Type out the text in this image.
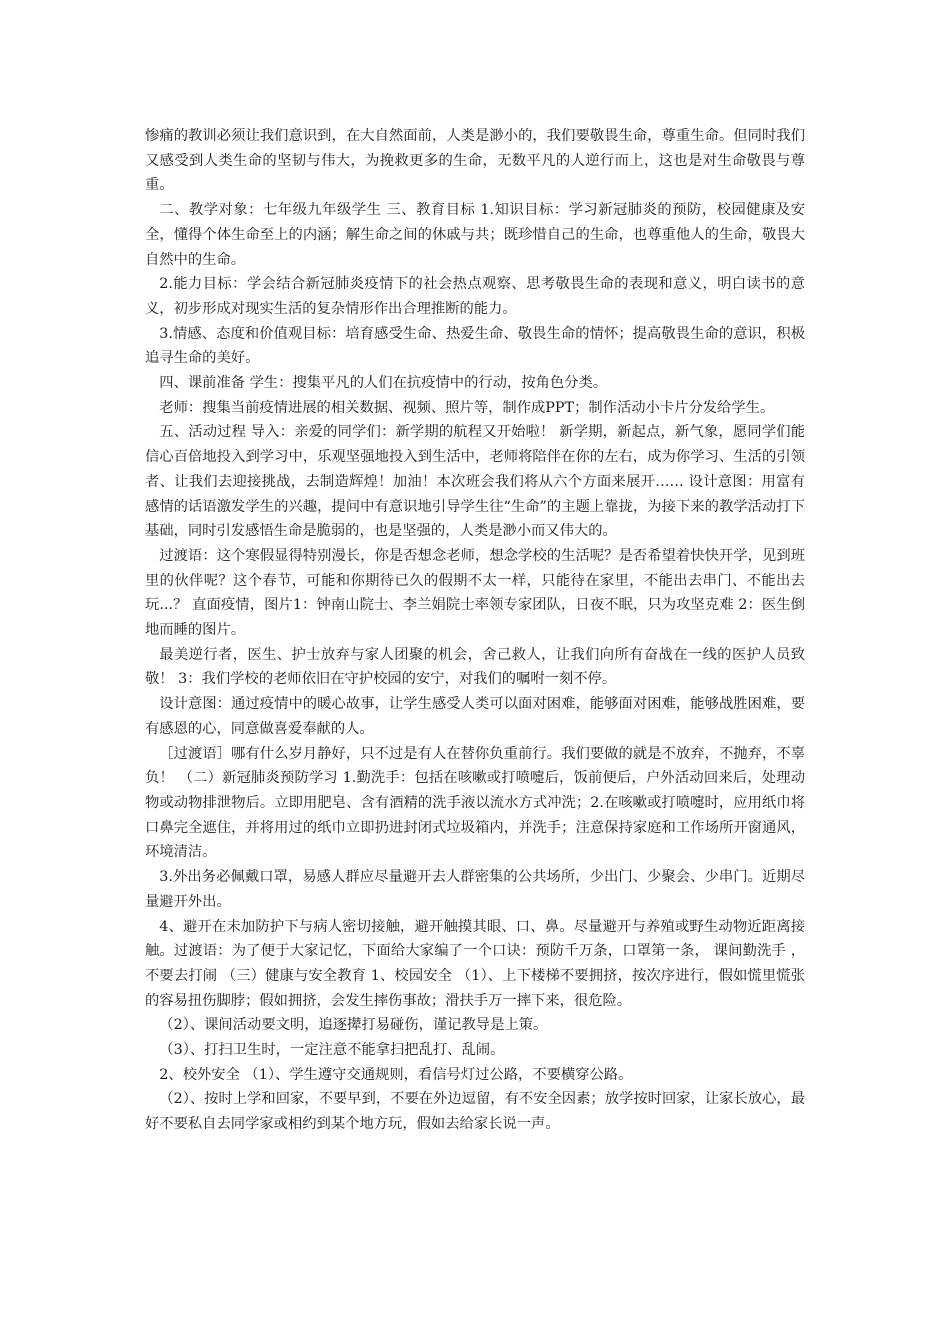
惨痛的教训必须让我们意识到，在大自然面前，人类是渺小的，我们要敬畏生命，尊重生命。但同时我们又感受到人类生命的坚韧与伟大，为挽救更多的生命，无数平凡的人逆行而上，这也是对生命敬畏与尊重。

二、教学对象：七年级九年级学生 三、教育目标 1.知识目标：学习新冠肺炎的预防，校园健康及安全，懂得个体生命至上的内涵；解生命之间的休戚与共；既珍惜自己的生命，也尊重他人的生命，敬畏大自然中的生命。

2.能力目标：学会结合新冠肺炎疫情下的社会热点观察、思考敬畏生命的表现和意义，明白读书的意义，初步形成对现实生活的复杂情形作出合理推断的能力。

3.情感、态度和价值观目标：培育感受生命、热爱生命、敬畏生命的情怀；提高敬畏生命的意识，积极追寻生命的美好。

四、课前准备 学生：搜集平凡的人们在抗疫情中的行动，按角色分类。

老师：搜集当前疫情进展的相关数据、视频、照片等，制作成PPT；制作活动小卡片分发给学生。

五、活动过程 导入：亲爱的同学们：新学期的航程又开始啦！ 新学期，新起点，新气象，愿同学们能信心百倍地投入到学习中，乐观坚强地投入到生活中，老师将陪伴在你的左右，成为你学习、生活的引领者、让我们去迎接挑战，去制造辉煌！加油！本次班会我们将从六个方面来展开…… 设计意图：用富有感情的话语激发学生的兴趣，提问中有意识地引导学生往“生命”的主题上靠拢，为接下来的教学活动打下基础，同时引发感悟生命是脆弱的，也是坚强的，人类是渺小而又伟大的。

过渡语：这个寒假显得特别漫长，你是否想念老师，想念学校的生活呢？是否希望着快快开学，见到班里的伙伴呢？这个春节，可能和你期待已久的假期不太一样，只能待在家里，不能出去串门、不能出去玩...？ 直面疫情，图片1：钟南山院士、李兰娟院士率领专家团队，日夜不眠，只为攻坚克难 2：医生倒地而睡的图片。

最美逆行者，医生、护士放弃与家人团聚的机会，舍己救人，让我们向所有奋战在一线的医护人员致敬！ 3：我们学校的老师依旧在守护校园的安宁，对我们的嘱咐一刻不停。

设计意图：通过疫情中的暖心故事，让学生感受人类可以面对困难，能够面对困难，能够战胜困难，要有感恩的心，同意做喜爱奉献的人。

［过渡语］哪有什么岁月静好，只不过是有人在替你负重前行。我们要做的就是不放弃，不抛弃，不辜负！ （二）新冠肺炎预防学习 1.勤洗手：包括在咳嗽或打喷嚏后，饭前便后，户外活动回来后，处理动物或动物排泄物后。立即用肥皂、含有酒精的洗手液以流水方式冲洗；2.在咳嗽或打喷嚏时，应用纸巾将口鼻完全遮住，并将用过的纸巾立即扔进封闭式垃圾箱内，并洗手；注意保持家庭和工作场所开窗通风，环境清洁。

3.外出务必佩戴口罩，易感人群应尽量避开去人群密集的公共场所，少出门、少聚会、少串门。近期尽量避开外出。

4、避开在未加防护下与病人密切接触，避开触摸其眼、口、鼻。尽量避开与养殖或野生动物近距离接触。过渡语：为了便于大家记忆，下面给大家编了一个口诀：预防千万条，口罩第一条， 课间勤洗手 ，不要去打闹 （三）健康与安全教育 1、校园安全 （1）、上下楼梯不要拥挤，按次序进行，假如慌里慌张的容易扭伤脚脖；假如拥挤，会发生摔伤事故；滑扶手万一摔下来，很危险。

（2）、课间活动要文明，追逐撵打易碰伤，谨记教导是上策。

（3）、打扫卫生时，一定注意不能拿扫把乱打、乱闹。

2、校外安全 （1）、学生遵守交通规则，看信号灯过公路，不要横穿公路。

（2）、按时上学和回家，不要早到，不要在外边逗留，有不安全因素；放学按时回家，让家长放心，最好不要私自去同学家或相约到某个地方玩，假如去给家长说一声。
